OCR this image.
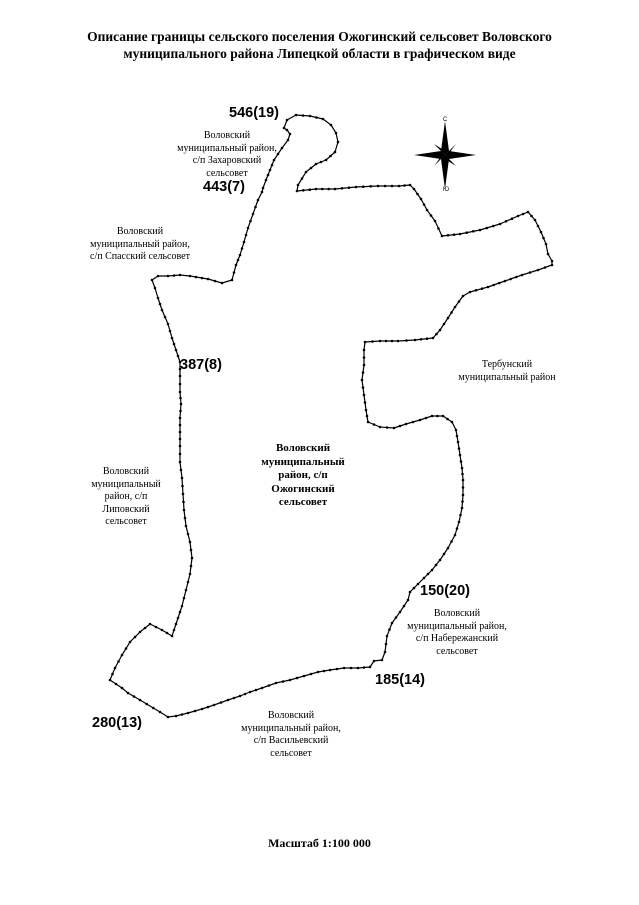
Описание границы сельского поселения Ожогинский сельсовет Воловского
муниципального района Липецкой области в графическом виде
Воловский
муниципальный район,
с/п Захаровский
сельсовет
Воловский
муниципальный район,
с/п Спасский сельсовет
Тербунский
муниципальный район
Воловский
муниципальный
район, с/п
Ожогинский
сельсовет
Воловский
муниципальный
район, с/п
Липовский
сельсовет
Воловский
муниципальный район,
с/п Набережанский
сельсовет
Воловский
муниципальный район,
с/п Васильевский
сельсовет
546(19)
443(7)
387(8)
150(20)
185(14)
280(13)
С
Ю
Масштаб 1:100 000
